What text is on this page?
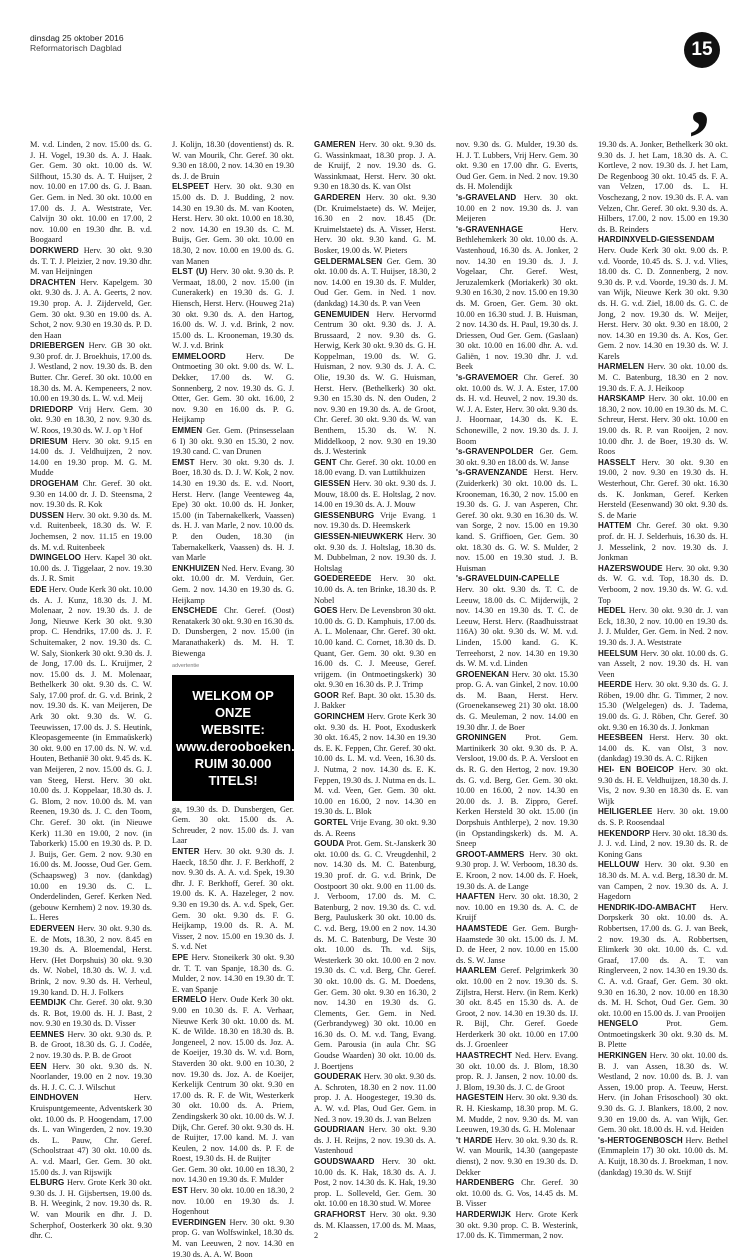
dinsdag 25 oktober 2016
Reformatorisch Dagblad	15
,

M. v.d. Linden, 2 nov. 15.00 ds. G. J. H. Vogel, 19.30 ds. A. J. Haak. Ger. Gem. 30 okt. 10.00 ds. W. Silfhout, 15.30 ds. A. T. Huijser, 2 nov. 10.00 en 17.00 ds. G. J. Baan. Ger. Gem. in Ned. 30 okt. 10.00 en 17.00 ds. J. A. Weststrate, Ver. Calvijn 30 okt. 10.00 en 17.00, 2 nov. 10.00 en 19.30 dhr. B. v.d. Boogaard

DORKWERD Herv. 30 okt. 9.30 ds. T. T. J. Pleizier, 2 nov. 19.30 dhr. M. van Heijningen

DRACHTEN Herv. Kapelgem. 30 okt. 9.30 ds. J. A. A. Geerts, 2 nov. 19.30 prop. A. J. Zijderveld, Ger. Gem. 30 okt. 9.30 en 19.00 ds. A. Schot, 2 nov. 9.30 en 19.30 ds. P. D. den Haan

DRIEBERGEN Herv. GB 30 okt. 9.30 prof. dr. J. Broekhuis, 17.00 ds. J. Westland, 2 nov. 19.30 ds. B. den Butter. Chr. Geref. 30 okt. 10.00 en 18.30 ds. M. A. Kempeneers, 2 nov. 10.00 en 19.30 ds. L. W. v.d. Meij

DRIEDORP Vrij Herv. Gem. 30 okt. 9.30 en 18.30, 2 nov. 9.30 ds. W. Roos, 19.30 ds. W. J. op 't Hof

DRIESUM Herv. 30 okt. 9.15 en 14.00 ds. J. Veldhuijzen, 2 nov. 14.00 en 19.30 prop. M. G. M. Mudde

DROGEHAM Chr. Geref. 30 okt. 9.30 en 14.00 dr. J. D. Steensma, 2 nov. 19.30 ds. R. Kok

DUSSEN Herv. 30 okt. 9.30 ds. M. v.d. Ruitenbeek, 18.30 ds. W. F. Jochemsen, 2 nov. 11.15 en 19.00 ds. M. v.d. Ruitenbeek

DWINGELOO Herv. Kapel 30 okt. 10.00 ds. J. Tiggelaar, 2 nov. 19.30 ds. J. R. Smit

EDE Herv. Oude Kerk 30 okt. 10.00 ds. A. J. Kunz, 18.30 ds. J. M. Molenaar, 2 nov. 19.30 ds. J. de Jong, Nieuwe Kerk 30 okt. 9.30 prop. C. Hendriks, 17.00 ds. J. F. Schuitemaker, 2 nov. 19.30 ds. C. W. Saly, Sionkerk 30 okt. 9.30 ds. J. de Jong, 17.00 ds. L. Kruijmer, 2 nov. 15.00 ds. J. M. Molenaar, Bethelkerk 30 okt. 9.30 ds. C. W. Saly, 17.00 prof. dr. G. v.d. Brink, 2 nov. 19.30 ds. K. van Meijeren, De Ark 30 okt. 9.30 ds. W. G. Teeuwissen, 17.00 ds. J. S. Heutink, Kleopasgemeente (in Emmaüskerk) 30 okt. 9.00 en 17.00 ds. N. W. v.d. Houten, Bethanië 30 okt. 9.45 ds. K. van Meijeren, 2 nov. 15.00 ds. G. J. van Steeg, Herst. Herv. 30 okt. 10.00 ds. J. Koppelaar, 18.30 ds. J. G. Blom, 2 nov. 10.00 ds. M. van Reenen, 19.30 ds. J. C. den Toom, Chr. Geref. 30 okt. (in Nieuwe Kerk) 11.30 en 19.00, 2 nov. (in Taborkerk) 15.00 en 19.30 ds. P. D. J. Buijs, Ger. Gem. 2 nov. 9.30 en 16.00 ds. M. Joosse, Oud Ger. Gem. (Schaapsweg) 3 nov. (dankdag) 10.00 en 19.30 ds. C. L. Onderdelinden, Geref. Kerken Ned. (gebouw Kernhem) 2 nov. 19.30 ds. L. Heres

EDERVEEN Herv. 30 okt. 9.30 ds. E. de Mots, 18.30, 2 nov. 8.45 en 19.30 ds. A. Bloemendal, Herst. Herv. (Het Dorpshuis) 30 okt. 9.30 ds. W. Nobel, 18.30 ds. W. J. v.d. Brink, 2 nov. 9.30 ds. H. Verheul, 19.30 kand. D. H. J. Folkers

EEMDIJK Chr. Geref. 30 okt. 9.30 ds. R. Bot, 19.00 ds. H. J. Bast, 2 nov. 9.30 en 19.30 ds. D. Visser

EEMNES Herv. 30 okt. 9.30 ds. P. B. de Groot, 18.30 ds. G. J. Codée, 2 nov. 19.30 ds. P. B. de Groot

EEN Herv. 30 okt. 9.30 ds. N. Noorlander, 19.00 en 2 nov. 19.30 ds. H. J. C. C. J. Wilschut

EINDHOVEN	Herv. Kruispuntgemeente, Adventskerk 30 okt. 10.00 ds. P. Hoogendam, 17.00 ds. L. van Wingerden, 2 nov. 19.30 ds. L. Pauw, Chr. Geref. (Schoolstraat 47) 30 okt. 10.00 ds. A. v.d. Maarl, Ger. Gem. 30 okt. 15.00 ds. J. van Rijswijk

ELBURG Herv. Grote Kerk 30 okt. 9.30 ds. J. H. Gijsbertsen, 19.00 ds. B. H. Weegink, 2 nov. 19.30 ds. R. W. van Mourik en dhr. J. D. Scherphof, Oosterkerk 30 okt. 9.30 dhr. C.

J. Kolijn, 18.30 (doventienst) ds. R. W. van Mourik, Chr. Geref. 30 okt. 9.30 en 18.00, 2 nov. 14.30 en 19.30 ds. J. de Bruin

ELSPEET Herv. 30 okt. 9.30 en 15.00 ds. D. J. Budding, 2 nov. 14.30 en 19.30 ds. M. van Kooten, Herst. Herv. 30 okt. 10.00 en 18.30, 2 nov. 14.30 en 19.30 ds. C. M. Buijs, Ger. Gem. 30 okt. 10.00 en 18.30, 2 nov. 10.00 en 19.00 ds. G. van Manen

ELST (U) Herv. 30 okt. 9.30 ds. P. Vermaat, 18.00, 2 nov. 15.00 (in Cunerakerk) en 19.30 ds. G. J. Hiensch, Herst. Herv. (Houweg 21a) 30 okt. 9.30 ds. A. den Hartog, 16.00 ds. W. J. v.d. Brink, 2 nov. 15.00 ds. L. Krooneman, 19.30 ds. W. J. v.d. Brink

EMMELOORD Herv. De Ontmoeting 30 okt. 9.00 ds. W. L. Dekker, 17.00 ds. W. G. Sonnenberg, 2 nov. 19.30 ds. G. J. Otter, Ger. Gem. 30 okt. 16.00, 2 nov. 9.30 en 16.00 ds. P. G. Heijkamp

EMMEN Ger. Gem. (Prinsesselaan 6 I) 30 okt. 9.30 en 15.30, 2 nov. 19.30 cand. C. van Drunen

EMST Herv. 30 okt. 9.30 ds. J. Boer, 18.30 ds. D. J. W. Kok, 2 nov. 14.30 en 19.30 ds. E. v.d. Noort, Herst. Herv. (lange Veenteweg 4a, Epe) 30 okt. 10.00 ds. H. Jonker, 15.00 (in Tabernakelkerk, Vaassen) ds. H. J. van Marle, 2 nov. 10.00 ds. P. den Ouden, 18.30 (in Tabernakelkerk, Vaassen) ds. H. J. van Marle

ENKHUIZEN Ned. Herv. Evang. 30 okt. 10.00 dr. M. Verduin, Ger. Gem. 2 nov. 14.30 en 19.30 ds. G. Heijkamp

ENSCHEDE Chr. Geref. (Oost) Renatakerk 30 okt. 9.30 en 16.30 ds. D. Dunsbergen, 2 nov. 15.00 (in Maranathakerk) ds. M. H. T. Biewenga

advertentie
WELKOM OP ONZE
WEBSITE:
www.derooboeken.nl
RUIM 30.000 TITELS!

ga, 19.30 ds. D. Dunsbergen, Ger. Gem. 30 okt. 15.00 ds. A. Schreuder, 2 nov. 15.00 ds. J. van Laar

ENTER Herv. 30 okt. 9.30 ds. J. Haeck, 18.50 dhr. J. F. Berkhoff, 2 nov. 9.30 ds. A. A. v.d. Spek, 19.30 dhr. J. F. Berkhoff, Geref. 30 okt. 19.00 ds. K. A. Hazeleger, 2 nov. 9.30 en 19.30 ds. A. v.d. Spek, Ger. Gem. 30 okt. 9.30 ds. F. G. Heijkamp, 19.00 ds. R. A. M. Visser, 2 nov. 15.00 en 19.30 ds. J. S. v.d. Net

EPE Herv. Stoneikerk 30 okt. 9.30 dr. T. T. van Spanje, 18.30 ds. G. Mulder, 2 nov. 14.30 en 19.30 dr. T. E. van Spanje

ERMELO Herv. Oude Kerk 30 okt. 9.00 en 10.30 ds. F. A. Verhaar, Nieuwe Kerk 30 okt. 10.00 ds. M. K. de Wilde. 18.30 en 18.30 ds. B. Jongeneel, 2 nov. 15.00 ds. Joz. A. de Koeijer, 19.30 ds. W. v.d. Born, Staverden 30 okt. 9.00 en 10.30, 2 nov. 19.30 ds. Joz. A. de Koeijer, Kerkelijk Centrum 30 okt. 9.30 en 17.00 ds. R. F. de Wit, Westerkerk 30 okt. 10.00 ds. A. Priem, Zendingskerk 30 okt. 10.00 ds. W. J. Dijk, Chr. Geref. 30 okt. 9.30 ds. H. de Ruijter, 17.00 kand. M. J. van Keulen, 2 nov. 14.00 ds. P. F. de Roest, 19.30 ds. H. de Ruijter

Ger. Gem. 30 okt. 10.00 en 18.30, 2 nov. 14.30 en 19.30 ds. F. Mulder

EST Herv. 30 okt. 10.00 en 18.30, 2 nov. 10.00 en 19.30 ds. J. Hogenhout

EVERDINGEN Herv. 30 okt. 9.30 prop. G. van Wolfswinkel, 18.30 ds. M. van Leeuwen, 2 nov. 14.30 en 19.30 ds. A. A. W. Boon

GAMEREN Herv. 30 okt. 9.30 ds. G. Wassinkmaat, 18.30 prop. J. A. de Kruijf, 2 nov. 19.30 ds. G. Wassinkmaat, Herst. Herv. 30 okt. 9.30 en 18.30 ds. K. van Olst

GARDEREN Herv. 30 okt. 9.30 (Dr. Kruimelstaete) ds. W. Meijer, 16.30 en 2 nov. 18.45 (Dr. Kruimelstaete) ds. A. Visser, Herst. Herv. 30 okt. 9.30 kand. G. M. Bosker, 19.00 ds. W. Pieters

GELDERMALSEN Ger. Gem. 30 okt. 10.00 ds. A. T. Huijser, 18.30, 2 nov. 14.00 en 19.30 ds. F. Mulder, Oud Ger. Gem. in Ned. 1 nov. (dankdag) 14.30 ds. P. van Veen

GENEMUIDEN Herv. Hervormd Centrum 30 okt. 9.30 ds. J. A. Brussaard, 2 nov. 9.30 ds. G. Herwig, Kerk 30 okt. 9.30 ds. G. H. Koppelman, 19.00 ds. W. G. Huisman, 2 nov. 9.30 ds. J. A. C. Olie, 19.30 ds. W. G. Huisman, Herst. Herv. (Bethelkerk) 30 okt. 9.30 en 15.30 ds. N. den Ouden, 2 nov. 9.30 en 19.30 ds. A. de Groot, Chr. Geref. 30 okt. 9.30 ds. W. van Benthem, 15.30 ds. W. N. Middelkoop, 2 nov. 9.30 en 19.30 ds. J. Westerink

GENT Chr. Geref. 30 okt. 10.00 en 18.00 evang. D. van Luttikhuizen

GIESSEN Herv. 30 okt. 9.30 ds. J. Mouw, 18.00 ds. E. Holtslag, 2 nov. 14.00 en 19.30 ds. A. J. Mouw

GIESSENBURG Vrije Evang. 1 nov. 19.30 ds. D. Heemskerk

GIESSEN-NIEUWKERK Herv. 30 okt. 9.30 ds. J. Holtslag, 18.30 ds. M. Dubbelman, 2 nov. 19.30 ds. J. Holtslag

GOEDEREEDE Herv. 30 okt. 10.00 ds. A. ten Brinke, 18.30 ds. P. Nobel

GOES Herv. De Levensbron 30 okt. 10.00 ds. G. D. Kamphuis, 17.00 ds. A. L. Molenaar, Chr. Geref. 30 okt. 10.00 kand. C. Cornet, 18.30 ds. D. Quant, Ger. Gem. 30 okt. 9.30 en 16.00 ds. C. J. Meeuse, Geref. vrijgem. (in Ontmoetingskerk) 30 okt. 9.30 en 16.30 ds. P. J. Trimp

GOOR Ref. Bapt. 30 okt. 15.30 ds. J. Bakker

GORINCHEM Herv. Grote Kerk 30 okt. 9.30 ds. H. Poot, Exoduskerk 30 okt. 16.45, 2 nov. 14.30 en 19.30 ds. E. K. Feppen, Chr. Geref. 30 okt. 10.00 ds. L. M. v.d. Veen, 16.30 ds. J. Nutma, 2 nov. 14.30 ds. E. K. Feppen, 19.30 ds. J. Nutma en ds. L. M. v.d. Veen, Ger. Gem. 30 okt. 10.00 en 16.00, 2 nov. 14.30 en 19.30 ds. L. Blok

GORTEL Vrije Evang. 30 okt. 9.30 ds. A. Reens

GOUDA Prot. Gem. St.-Janskerk 30 okt. 10.00 ds. G. C. Vreugdenhil, 2 nov. 14.30 ds. M. C. Batenburg, 19.30 prof. dr. G. v.d. Brink, De Oostpoort 30 okt. 9.00 en 11.00 ds. J. Verboom, 17.00 ds. M. C. Batenburg, 2 nov. 19.30 ds. C. v.d. Berg, Pauluskerk 30 okt. 10.00 ds. C. v.d. Berg, 19.00 en 2 nov. 14.30 ds. M. C. Batenburg, De Veste 30 okt. 10.00 ds. Th. v.d. Sijs, Westerkerk 30 okt. 10.00 en 2 nov. 19.30 ds. C. v.d. Berg, Chr. Geref. 30 okt. 10.00 ds. G. M. Doedens, Ger. Gem. 30 okt. 9.30 en 16.30, 2 nov. 14.30 en 19.30 ds. G. Clements, Ger. Gem. in Ned. (Gerbrandyweg) 30 okt. 10.00 en 16.30 ds. O. M. v.d. Tang, Evang. Gem. Parousia (in aula Chr. SG Goudse Waarden) 30 okt. 10.00 ds. J. Boertjens

GOUDERAK Herv. 30 okt. 9.30 ds. A. Schroten, 18.30 en 2 nov. 11.00 prop. J. A. Hoogesteger, 19.30 ds. A. W. v.d. Plas, Oud Ger. Gem. in Ned. 3 nov. 19.30 ds. J. van Belzen

GOUDRIAAN Herv. 30 okt. 9.30 ds. J. H. Reijns, 2 nov. 19.30 ds. A. Vastenhoud

GOUDSWAARD Herv. 30 okt. 10.00 ds. K. Hak, 18.30 ds. A. J. Post, 2 nov. 14.30 ds. K. Hak, 19.30 prop. L. Solleveld, Ger. Gem. 30 okt. 10.00 en 18.30 stud. W. Moree

GRAFHORST Herv. 30 okt. 9.30 ds. M. Klaassen, 17.00 ds. M. Maas, 2

nov. 9.30 ds. G. Mulder, 19.30 ds. H. J. T. Lubbers, Vrij Herv. Gem. 30 okt. 9.30 en 17.00 dhr. G. Everts, Oud Ger. Gem. in Ned. 2 nov. 19.30 ds. H. Molendijk

's-GRAVELAND Herv. 30 okt. 10.00 en 2 nov. 19.30 ds. J. van Meijeren

's-GRAVENHAGE	Herv. Bethlehemkerk 30 okt. 10.00 ds. A. Vastenhoud, 16.30 ds. A. Jonker, 2 nov. 14.30 en 19.30 ds. J. J. Vogelaar, Chr. Geref. West, Jeruzalemkerk (Moriakerk) 30 okt. 9.30 en 16.30, 2 nov. 15.00 en 19.30 ds. M. Groen, Ger. Gem. 30 okt. 10.00 en 16.30 stud. J. B. Huisman, 2 nov. 14.30 ds. H. Paul, 19.30 ds. J. Driessen, Oud Ger. Gem. (Gaslaan) 30 okt. 10.00 en 16.00 dhr. A. v.d. Galiën, 1 nov. 19.30 dhr. J. v.d. Beek

's-GRAVEMOER Chr. Geref. 30 okt. 10.00 ds. W. J. A. Ester, 17.00 ds. H. v.d. Heuvel, 2 nov. 19.30 ds. W. J. A. Ester, Herv. 30 okt. 9.30 ds. J. Hoornaar, 14.30 ds. K. E. Schonewille, 2 nov. 19.30 ds. J. J. Boom

's-GRAVENPOLDER Ger. Gem. 30 okt. 9.30 en 18.00 ds. W. Janse

's-GRAVENZANDE Herst. Herv. (Zuiderkerk) 30 okt. 10.00 ds. L. Krooneman, 16.30, 2 nov. 15.00 en 19.30 ds. G. J. van Asperen, Chr. Geref. 30 okt. 9.30 en 16.30 ds. W. van Sorge, 2 nov. 15.00 en 19.30 kand. S. Griffioen, Ger. Gem. 30 okt. 18.30 ds. G. W. S. Mulder, 2 nov. 15.00 en 19.30 stud. J. B. Huisman

's-GRAVELDUIN-CAPELLE Herv. 30 okt. 9.30 ds. T. C. de Leeuw, 18.00 ds. C. Mijderwijk, 2 nov. 14.30 en 19.30 ds. T. C. de Leeuw, Herst. Herv. (Raadhuisstraat 116A) 30 okt. 9.30 ds. W. M. v.d. Linden, 15.00 kand. G. K. Terreehorst, 2 nov. 14.30 en 19.30 ds. W. M. v.d. Linden

GROENEKAN Herv. 30 okt. 15.30 prop. G. A. van Ginkel, 2 nov. 10.00 ds. M. Baan, Herst. Herv. (Groenekanseweg 21) 30 okt. 18.00 ds. G. Meuleman, 2 nov. 14.00 en 19.30 dhr. J. de Boer

GRONINGEN Prot. Gem. Martinikerk 30 okt. 9.30 ds. P. A. Versloot, 19.00 ds. P. A. Versloot en ds. R. G. den Hertog, 2 nov. 19.30 ds. G. v.d. Berg, Ger. Gem. 30 okt. 10.00 en 16.00, 2 nov. 14.30 en 20.00 ds. J. B. Zippro, Geref. Kerken Hersteld 30 okt. 15.00 (in Dorpshuis Anthlerpe), 2 nov. 19.30 (in Opstandingskerk) ds. M. A. Sneep

GROOT-AMMERS Herv. 30 okt. 9.30 prop. J. W. Verboom, 18.30 ds. E. Kroon, 2 nov. 14.00 ds. F. Hoek, 19.30 ds. A. de Lange

HAAFTEN Herv. 30 okt. 18.30, 2 nov. 10.00 en 19.30 ds. A. C. de Kruijf

HAAMSTEDE Ger. Gem. Burgh-Haamstede 30 okt. 15.00 ds. J. M. D. de Heer, 2 nov. 10.00 en 15.00 ds. S. W. Janse

HAARLEM Geref. Pelgrimkerk 30 okt. 10.00 en 2 nov. 19.30 ds. S. Zijlstra, Herst. Herv. (in Rem. Kerk) 30 okt. 8.45 en 15.30 ds. A. de Groot, 2 nov. 14.30 en 19.30 ds. IJ. R. Bijl, Chr. Geref. Goede Herderkerk 30 okt. 10.00 en 17.00 ds. J. Groenleer

HAASTRECHT Ned. Herv. Evang. 30 okt. 10.00 ds. J. Blom, 18.30 prop. R. J. Jansen, 2 nov. 10.00 ds. J. Blom, 19.30 ds. J. C. de Groot

HAGESTEIN Herv. 30 okt. 9.30 ds. R. H. Kieskamp, 18.30 prop. M. G. M. Mudde, 2 nov. 9.30 ds. M. van Leeuwen, 19.30 ds. G. H. Molenaar

't HARDE Herv. 30 okt. 9.30 ds. R. W. van Mourik, 14.30 (aangepaste dienst), 2 nov. 9.30 en 19.30 ds. D. Dekker

HARDENBERG Chr. Geref. 30 okt. 10.00 ds. G. Vos, 14.45 ds. M. B. Visser

HARDERWIJK Herv. Grote Kerk 30 okt. 9.30 prop. C. B. Westerink, 17.00 ds. K. Timmerman, 2 nov.

19.30 ds. A. Jonker, Bethelkerk 30 okt. 9.30 ds. J. het Lam, 18.30 ds. A. C. Kortleve, 2 nov. 19.30 ds. J. het Lam, De Regenboog 30 okt. 10.45 ds. F. A. van Velzen, 17.00 ds. L. H. Voschezang, 2 nov. 19.30 ds. F. A. van Velzen, Chr. Geref. 30 okt. 9.30 ds. A. Hilbers, 17.00, 2 nov. 15.00 en 19.30 ds. B. Reinders

HARDINXVELD-GIESSENDAM Herv. Oude Kerk 30 okt. 9.00 ds. P. v.d. Voorde, 10.45 ds. S. J. v.d. Vlies, 18.00 ds. C. D. Zonnenberg, 2 nov. 9.30 ds. P. v.d. Voorde, 19.30 ds. J. M. van Wijk, Nieuwe Kerk 30 okt. 9.30 ds. H. G. v.d. Ziel, 18.00 ds. G. C. de Jong, 2 nov. 19.30 ds. W. Meijer, Herst. Herv. 30 okt. 9.30 en 18.00, 2 nov. 14.30 en 19.30 ds. A. Kos, Ger. Gem. 2 nov. 14.30 en 19.30 ds. W. J. Karels

HARMELEN Herv. 30 okt. 10.00 ds. M. C. Batenburg, 18.30 en 2 nov. 19.30 ds. F. A. J. Heikoop

HARSKAMP Herv. 30 okt. 10.00 en 18.30, 2 nov. 10.00 en 19.30 ds. M. C. Schreur, Herst. Herv. 30 okt. 10.00 en 19.00 ds. R. P. van Rooijen, 2 nov. 10.00 dhr. J. de Boer, 19.30 ds. W. Roos

HASSELT Herv. 30 okt. 9.30 en 19.00, 2 nov. 9.30 en 19.30 ds. H. Westerhout, Chr. Geref. 30 okt. 16.30 ds. K. Jonkman, Geref. Kerken Hersteld (Eesenwand) 30 okt. 9.30 ds. S. de Marie

HATTEM Chr. Geref. 30 okt. 9.30 prof. dr. H. J. Selderhuis, 16.30 ds. H. J. Messelink, 2 nov. 19.30 ds. J. Jonkman

HAZERSWOUDE Herv. 30 okt. 9.30 ds. W. G. v.d. Top, 18.30 ds. D. Verboom, 2 nov. 19.30 ds. W. G. v.d. Top

HEDEL Herv. 30 okt. 9.30 dr. J. van Eck, 18.30, 2 nov. 10.00 en 19.30 ds. J. J. Mulder, Ger. Gem. in Ned. 2 nov. 19.30 ds. J. A. Weststrate

HEELSUM Herv. 30 okt. 10.00 ds. G. van Asselt, 2 nov. 19.30 ds. H. van Veen

HEERDE Herv. 30 okt. 9.30 ds. G. J. Röben, 19.00 dhr. G. Timmer, 2 nov. 15.30 (Welgelegen) ds. J. Tadema, 19.00 ds. G. J. Röben, Chr. Geref. 30 okt. 9.30 en 16.30 ds. J. Jonkman

HEESBEEN Herst. Herv. 30 okt. 14.00 ds. K. van Olst, 3 nov. (dankdag) 19.30 ds. A. C. Rijken

HEI- EN BOEICOP Herv. 30 okt. 9.30 ds. H. E. Veldhuijzen, 18.30 ds. J. Vis, 2 nov. 9.30 en 18.30 ds. E. van Wijk

HEILIGERLEE Herv. 30 okt. 19.00 ds. S. P. Roosendaal

HEKENDORP Herv. 30 okt. 18.30 ds. J. J. v.d. Lind, 2 nov. 19.30 ds. R. de Koning Gans

HELLOUW Herv. 30 okt. 9.30 en 18.30 ds. M. A. v.d. Berg, 18.30 dr. M. van Campen, 2 nov. 19.30 ds. A. J. Hagedorn

HENDRIK-IDO-AMBACHT Herv. Dorpskerk 30 okt. 10.00 ds. A. Robbertsen, 17.00 ds. G. J. van Beek, 2 nov. 19.30 ds. A. Robbertsen, Elimkerk 30 okt. 10.00 ds. C. v.d. Graaf, 17.00 ds. A. T. van Ringlerveen, 2 nov. 14.30 en 19.30 ds. C. A. v.d. Graaf, Ger. Gem. 30 okt. 9.30 en 16.30, 2 nov. 10.00 en 18.30 ds. M. H. Schot, Oud Ger. Gem. 30 okt. 10.00 en 15.00 ds. J. van Prooijen

HENGELO	Prot. Gem. Ontmoetingskerk 30 okt. 9.30 ds. M. B. Plette

HERKINGEN Herv. 30 okt. 10.00 ds. B. J. van Assen, 18.30 ds. W. Westland, 2 nov. 10.00 ds. B. J. van Assen, 19.00 prop. A. Teeuw, Herst. Herv. (in Johan Frisoschool) 30 okt. 9.30 ds. G. J. Blankers, 18.00, 2 nov. 9.30 en 19.00 ds. A. van Wijk, Ger. Gem. 30 okt. 18.00 ds. H. v.d. Heiden

's-HERTOGENBOSCH Herv. Bethel (Emmaplein 17) 30 okt. 10.00 ds. M. A. Kuijt, 18.30 ds. J. Broekman, 1 nov. (dankdag) 19.30 ds. W. Stijf
